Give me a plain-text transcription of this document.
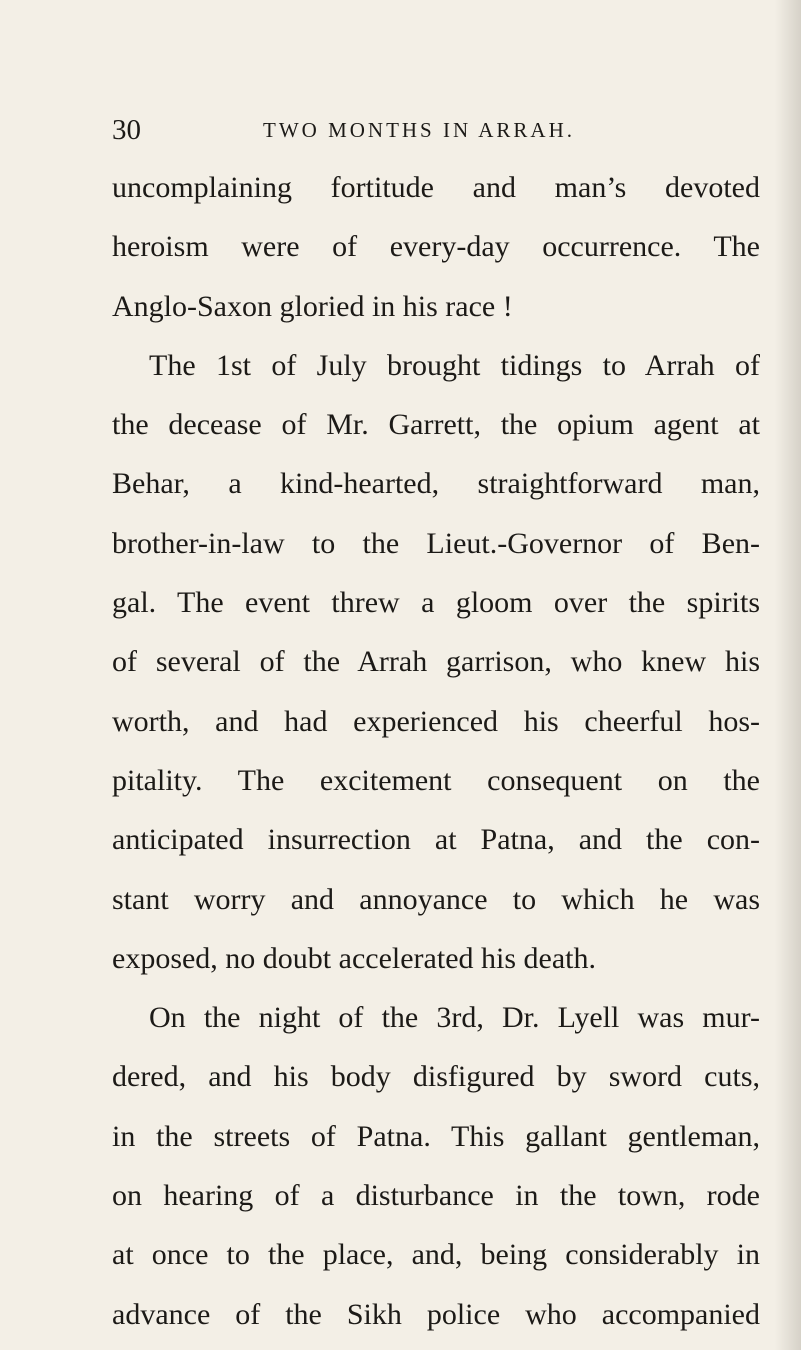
30	TWO MONTHS IN ARRAH.
uncomplaining fortitude and man’s devoted
heroism were of every-day occurrence. The
Anglo-Saxon gloried in his race !
The 1st of July brought tidings to Arrah of
the decease of Mr. Garrett, the opium agent at
Behar, a kind-hearted, straightforward man,
brother-in-law to the Lieut.-Governor of Ben-
gal. The event threw a gloom over the spirits
of several of the Arrah garrison, who knew his
worth, and had experienced his cheerful hos-
pitality. The excitement consequent on the
anticipated insurrection at Patna, and the con-
stant worry and annoyance to which he was
exposed, no doubt accelerated his death.
On the night of the 3rd, Dr. Lyell was mur-
dered, and his body disfigured by sword cuts,
in the streets of Patna. This gallant gentleman,
on hearing of a disturbance in the town, rode
at once to the place, and, being considerably in
advance of the Sikh police who accompanied
